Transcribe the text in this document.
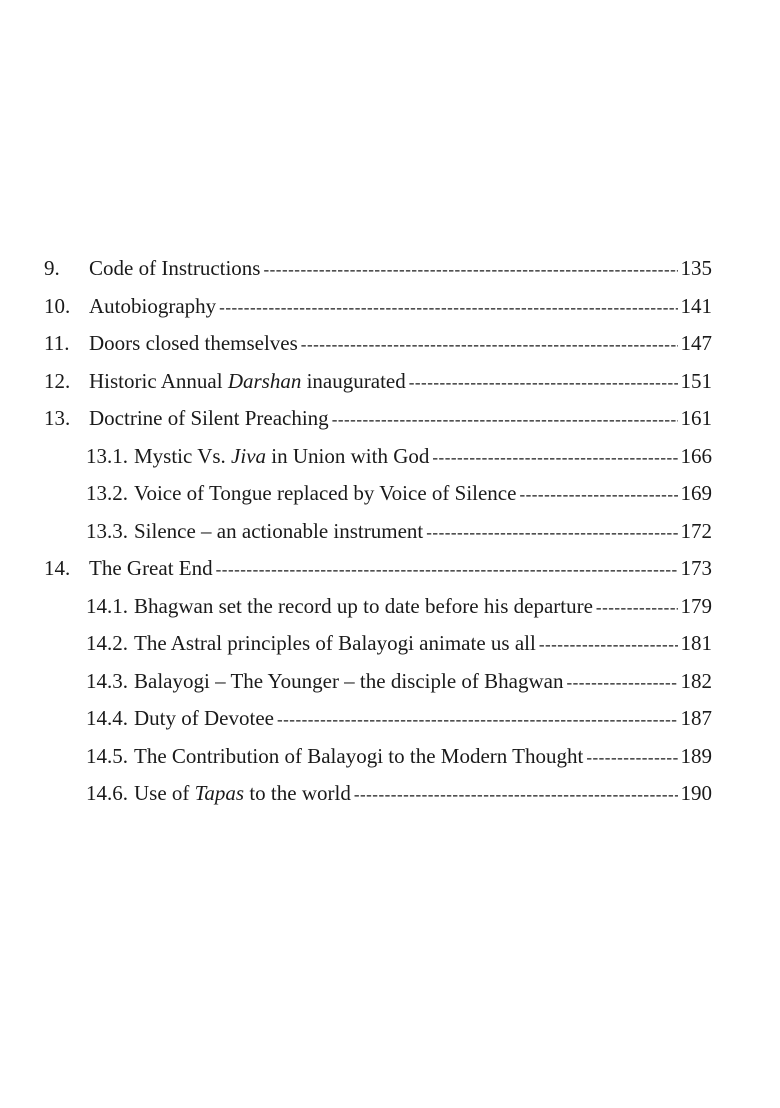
9. Code of Instructions -----	135
10. Autobiography -----	141
11. Doors closed themselves -----	147
12. Historic Annual Darshan inaugurated -----	151
13. Doctrine of Silent Preaching -----	161
13.1. Mystic Vs. Jiva in Union with God -----	166
13.2. Voice of Tongue replaced by Voice of Silence -----	169
13.3. Silence – an actionable instrument -----	172
14. The Great End -----	173
14.1. Bhagwan set the record up to date before his departure -----	179
14.2. The Astral principles of Balayogi animate us all -----	181
14.3. Balayogi – The Younger – the disciple of Bhagwan -----	182
14.4. Duty of Devotee -----	187
14.5. The Contribution of Balayogi to the Modern Thought -----	189
14.6. Use of Tapas to the world -----	190
